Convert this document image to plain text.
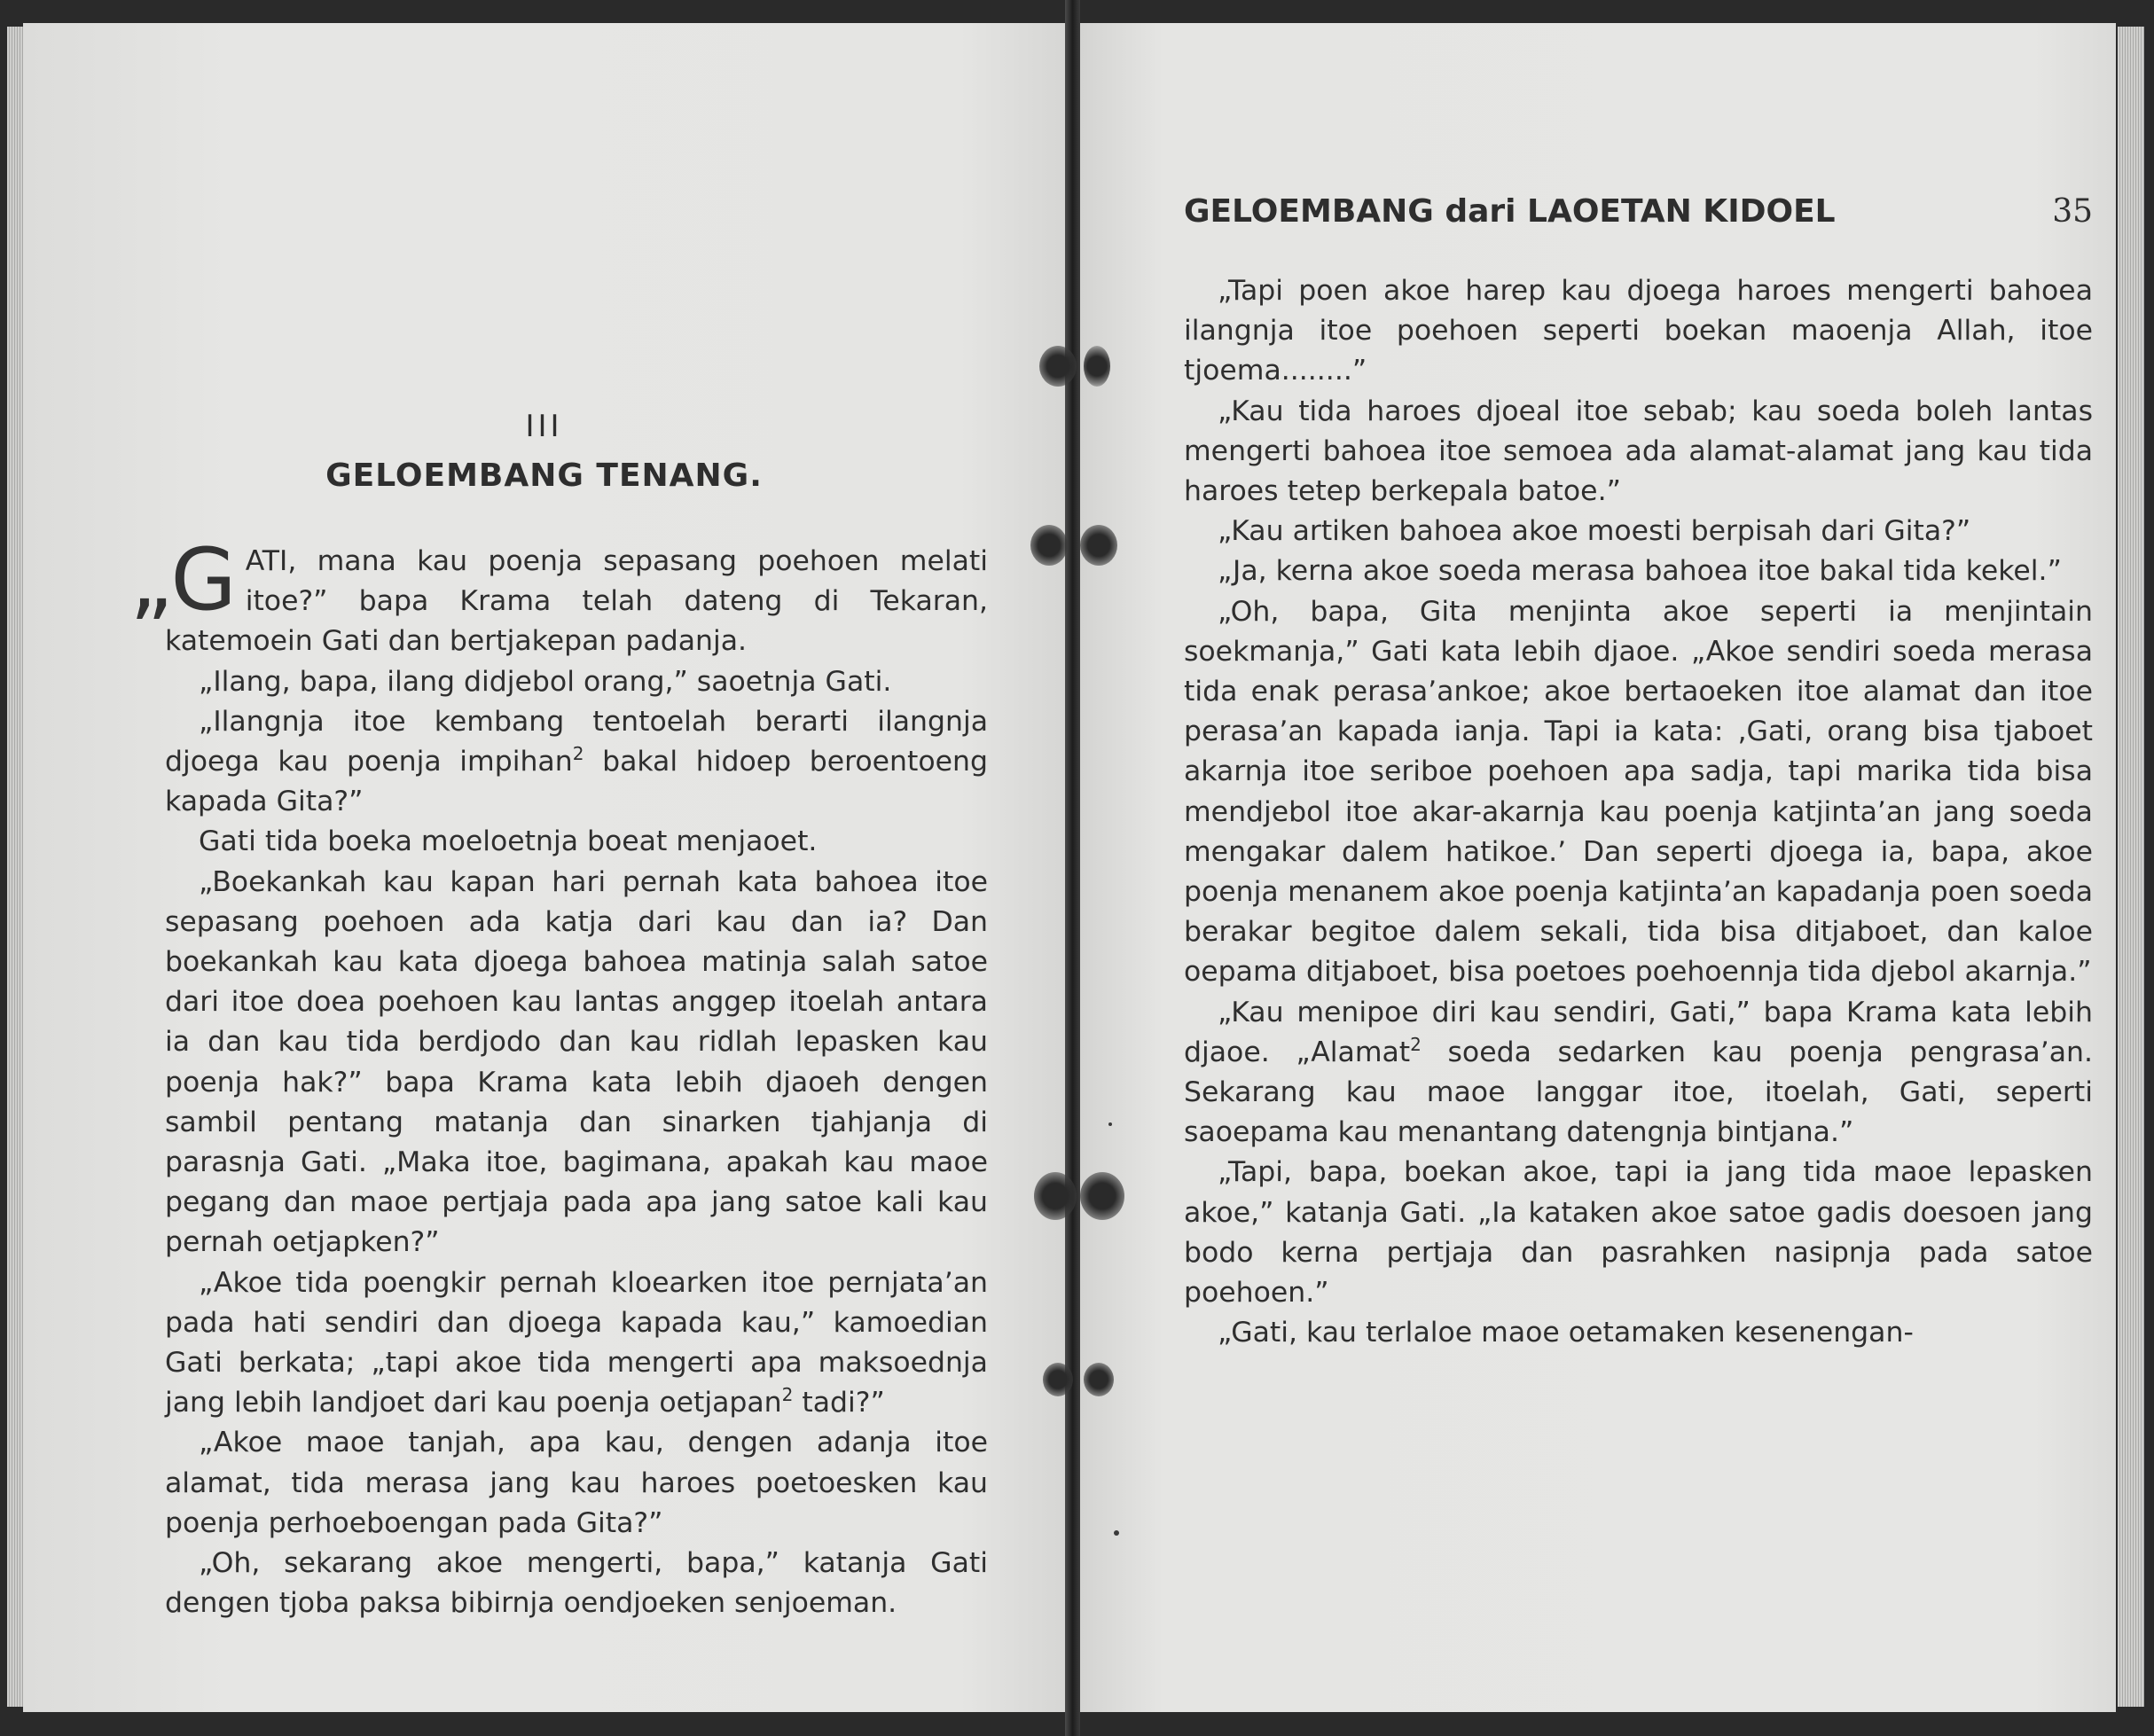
III
GELOEMBANG TENANG.

„G ATI, mana kau poenja sepasang poehoen melati itoe?” bapa Krama telah dateng di Tekaran, katemoein Gati dan bertjakepan padanja.

„Ilang, bapa, ilang didjebol orang,” saoetnja Gati.

„Ilangnja itoe kembang tentoelah berarti ilangnja djoega kau poenja impihan$^2$ bakal hidoep beroentoeng kapada Gita?”

Gati tida boeka moeloetnja boeat menjaoet.

„Boekankah kau kapan hari pernah kata bahoea itoe sepasang poehoen ada katja dari kau dan ia? Dan boekankah kau kata djoega bahoea matinja salah satoe dari itoe doea poehoen kau lantas anggep itoelah antara ia dan kau tida berdjodo dan kau ridlah lepasken kau poenja hak?” bapa Krama kata lebih djaoeh dengen sambil pentang matanja dan sinarken tjahjanja di parasnja Gati. „Maka itoe, bagimana, apakah kau maoe pegang dan maoe pertjaja pada apa jang satoe kali kau pernah oetjapken?”

„Akoe tida poengkir pernah kloearken itoe pernjata’an pada hati sendiri dan djoega kapada kau,” kamoedian Gati berkata; „tapi akoe tida mengerti apa maksoednja jang lebih landjoet dari kau poenja oetjapan$^2$ tadi?”

„Akoe maoe tanjah, apa kau, dengen adanja itoe alamat, tida merasa jang kau haroes poetoesken kau poenja perhoeboengan pada Gita?”

„Oh, sekarang akoe mengerti, bapa,” katanja Gati dengen tjoba paksa bibirnja oendjoeken senjoeman.

GELOEMBANG dari LAOETAN KIDOEL	35

„Tapi poen akoe harep kau djoega haroes mengerti bahoea ilangnja itoe poehoen seperti boekan maoenja Allah, itoe tjoema........”

„Kau tida haroes djoeal itoe sebab; kau soeda boleh lantas mengerti bahoea itoe semoea ada alamat-alamat jang kau tida haroes tetep berkepala batoe.”

„Kau artiken bahoea akoe moesti berpisah dari Gita?”

„Ja, kerna akoe soeda merasa bahoea itoe bakal tida kekel.”

„Oh, bapa, Gita menjinta akoe seperti ia menjintain soekmanja,” Gati kata lebih djaoe. „Akoe sendiri soeda merasa tida enak perasa’ankoe; akoe bertaoeken itoe alamat dan itoe perasa’an kapada ianja. Tapi ia kata: ‚Gati, orang bisa tjaboet akarnja itoe seriboe poehoen apa sadja, tapi marika tida bisa mendjebol itoe akar-akarnja kau poenja katjinta’an jang soeda mengakar dalem hatikoe.’ Dan seperti djoega ia, bapa, akoe poenja menanem akoe poenja katjinta’an kapadanja poen soeda berakar begitoe dalem sekali, tida bisa ditjaboet, dan kaloe oepama ditjaboet, bisa poetoes poehoennja tida djebol akarnja.”

„Kau menipoe diri kau sendiri, Gati,” bapa Krama kata lebih djaoe. „Alamat$^2$ soeda sedarken kau poenja pengrasa’an. Sekarang kau maoe langgar itoe, itoelah, Gati, seperti saoepama kau menantang datengnja bintjana.”

„Tapi, bapa, boekan akoe, tapi ia jang tida maoe lepasken akoe,” katanja Gati. „Ia kataken akoe satoe gadis doesoen jang bodo kerna pertjaja dan pasrahken nasipnja pada satoe poehoen.”

„Gati, kau terlaloe maoe oetamaken kesenengan-
